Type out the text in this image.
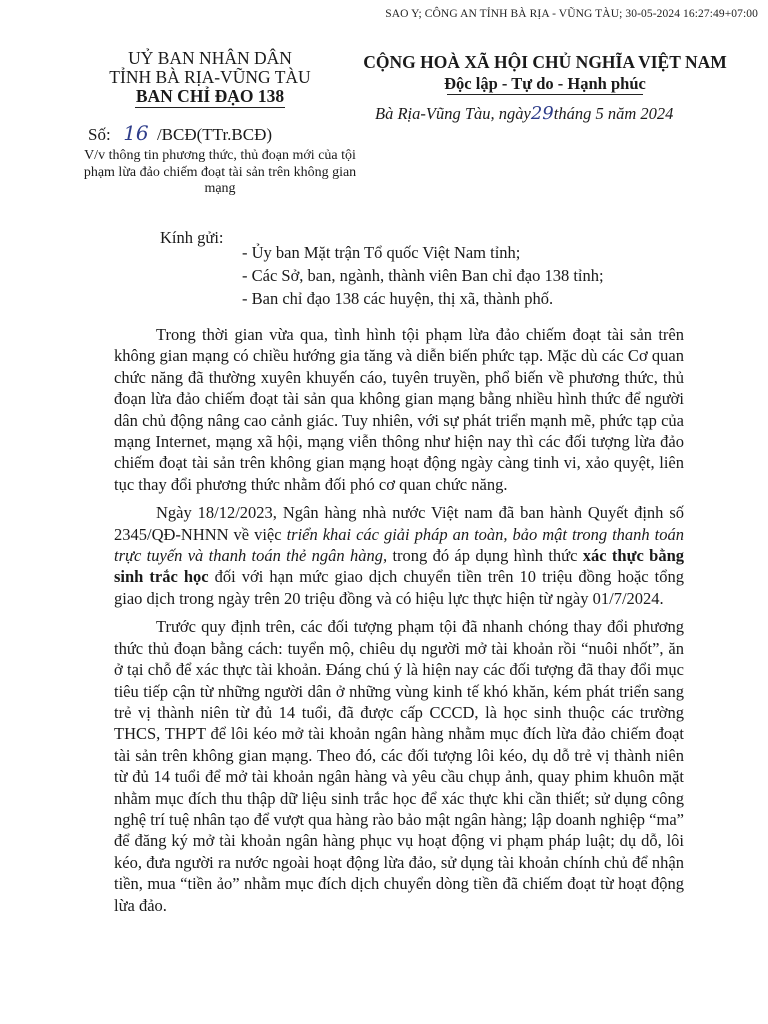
SAO Y; CÔNG AN TỈNH BÀ RỊA - VŨNG TÀU; 30-05-2024 16:27:49+07:00
UỶ BAN NHÂN DÂN
TỈNH BÀ RỊA-VŨNG TÀU
BAN CHỈ ĐẠO 138
Số: 16 /BCĐ(TTr.BCĐ)
V/v thông tin phương thức, thủ đoạn mới của tội phạm lừa đảo chiếm đoạt tài sản trên không gian mạng
CỘNG HOÀ XÃ HỘI CHỦ NGHĨA VIỆT NAM
Độc lập - Tự do - Hạnh phúc
Bà Rịa-Vũng Tàu, ngày29tháng 5 năm 2024
Kính gửi:
- Ủy ban Mặt trận Tổ quốc Việt Nam tỉnh;
- Các Sở, ban, ngành, thành viên Ban chỉ đạo 138 tỉnh;
- Ban chỉ đạo 138 các huyện, thị xã, thành phố.

Trong thời gian vừa qua, tình hình tội phạm lừa đảo chiếm đoạt tài sản trên không gian mạng có chiều hướng gia tăng và diễn biến phức tạp. Mặc dù các Cơ quan chức năng đã thường xuyên khuyến cáo, tuyên truyền, phổ biến về phương thức, thủ đoạn lừa đảo chiếm đoạt tài sản qua không gian mạng bằng nhiều hình thức để người dân chủ động nâng cao cảnh giác. Tuy nhiên, với sự phát triển mạnh mẽ, phức tạp của mạng Internet, mạng xã hội, mạng viễn thông như hiện nay thì các đối tượng lừa đảo chiếm đoạt tài sản trên không gian mạng hoạt động ngày càng tinh vi, xảo quyệt, liên tục thay đổi phương thức nhằm đối phó cơ quan chức năng.

Ngày 18/12/2023, Ngân hàng nhà nước Việt nam đã ban hành Quyết định số 2345/QĐ-NHNN về việc triển khai các giải pháp an toàn, bảo mật trong thanh toán trực tuyến và thanh toán thẻ ngân hàng, trong đó áp dụng hình thức xác thực bằng sinh trắc học đối với hạn mức giao dịch chuyển tiền trên 10 triệu đồng hoặc tổng giao dịch trong ngày trên 20 triệu đồng và có hiệu lực thực hiện từ ngày 01/7/2024.

Trước quy định trên, các đối tượng phạm tội đã nhanh chóng thay đổi phương thức thủ đoạn bằng cách: tuyển mộ, chiêu dụ người mở tài khoản rồi “nuôi nhốt”, ăn ở tại chỗ để xác thực tài khoản. Đáng chú ý là hiện nay các đối tượng đã thay đổi mục tiêu tiếp cận từ những người dân ở những vùng kinh tế khó khăn, kém phát triển sang trẻ vị thành niên từ đủ 14 tuổi, đã được cấp CCCD, là học sinh thuộc các trường THCS, THPT để lôi kéo mở tài khoản ngân hàng nhằm mục đích lừa đảo chiếm đoạt tài sản trên không gian mạng. Theo đó, các đối tượng lôi kéo, dụ dỗ trẻ vị thành niên từ đủ 14 tuổi để mở tài khoản ngân hàng và yêu cầu chụp ảnh, quay phim khuôn mặt nhằm mục đích thu thập dữ liệu sinh trắc học để xác thực khi cần thiết; sử dụng công nghệ trí tuệ nhân tạo để vượt qua hàng rào bảo mật ngân hàng; lập doanh nghiệp “ma” để đăng ký mở tài khoản ngân hàng phục vụ hoạt động vi phạm pháp luật; dụ dỗ, lôi kéo, đưa người ra nước ngoài hoạt động lừa đảo, sử dụng tài khoản chính chủ để nhận tiền, mua “tiền ảo” nhằm mục đích dịch chuyển dòng tiền đã chiếm đoạt từ hoạt động lừa đảo.
